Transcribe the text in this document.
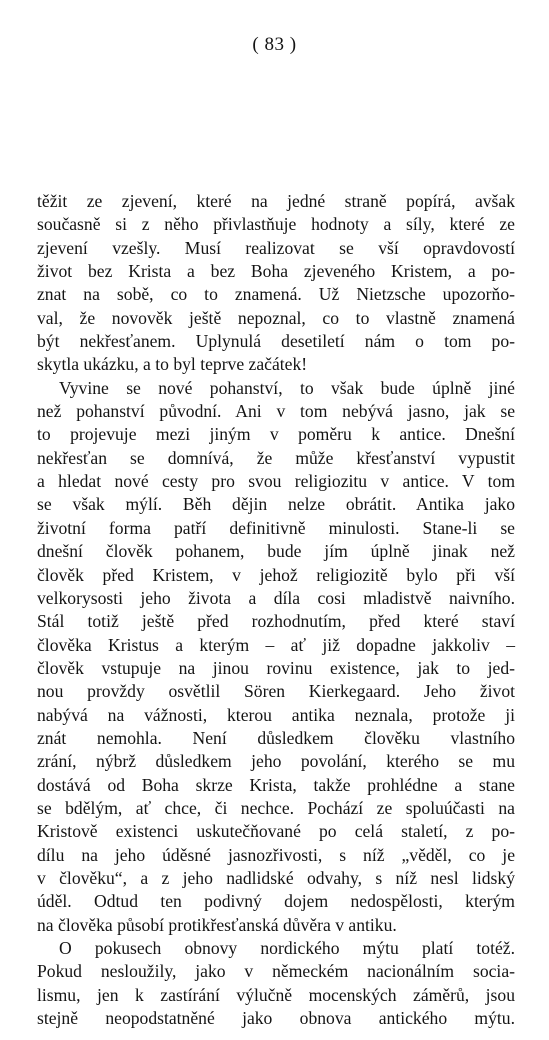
( 83 )
těžit ze zjevení, které na jedné straně popírá, avšak
současně si z něho přivlastňuje hodnoty a síly, které ze
zjevení vzešly. Musí realizovat se vší opravdovostí
život bez Krista a bez Boha zjeveného Kristem, a po-
znat na sobě, co to znamená. Už Nietzsche upozorňo-
val, že novověk ještě nepoznal, co to vlastně znamená
být nekřesťanem. Uplynulá desetiletí nám o tom po-
skytla ukázku, a to byl teprve začátek!
Vyvine se nové pohanství, to však bude úplně jiné
než pohanství původní. Ani v tom nebývá jasno, jak se
to projevuje mezi jiným v poměru k antice. Dnešní
nekřesťan se domnívá, že může křesťanství vypustit
a hledat nové cesty pro svou religiozitu v antice. V tom
se však mýlí. Běh dějin nelze obrátit. Antika jako
životní forma patří definitivně minulosti. Stane-li se
dnešní člověk pohanem, bude jím úplně jinak než
člověk před Kristem, v jehož religiozitě bylo při vší
velkorysosti jeho života a díla cosi mladistvě naivního.
Stál totiž ještě před rozhodnutím, před které staví
člověka Kristus a kterým – ať již dopadne jakkoliv –
člověk vstupuje na jinou rovinu existence, jak to jed-
nou provždy osvětlil Sören Kierkegaard. Jeho život
nabývá na vážnosti, kterou antika neznala, protože ji
znát nemohla. Není důsledkem člověku vlastního
zrání, nýbrž důsledkem jeho povolání, kterého se mu
dostává od Boha skrze Krista, takže prohlédne a stane
se bdělým, ať chce, či nechce. Pochází ze spoluúčasti na
Kristově existenci uskutečňované po celá staletí, z po-
dílu na jeho úděsné jasnozřivosti, s níž „věděl, co je
v člověku“, a z jeho nadlidské odvahy, s níž nesl lidský
úděl. Odtud ten podivný dojem nedospělosti, kterým
na člověka působí protikřesťanská důvěra v antiku.
O pokusech obnovy nordického mýtu platí totéž.
Pokud nesloužily, jako v německém nacionálním socia-
lismu, jen k zastírání výlučně mocenských záměrů, jsou
stejně neopodstatněné jako obnova antického mýtu.
